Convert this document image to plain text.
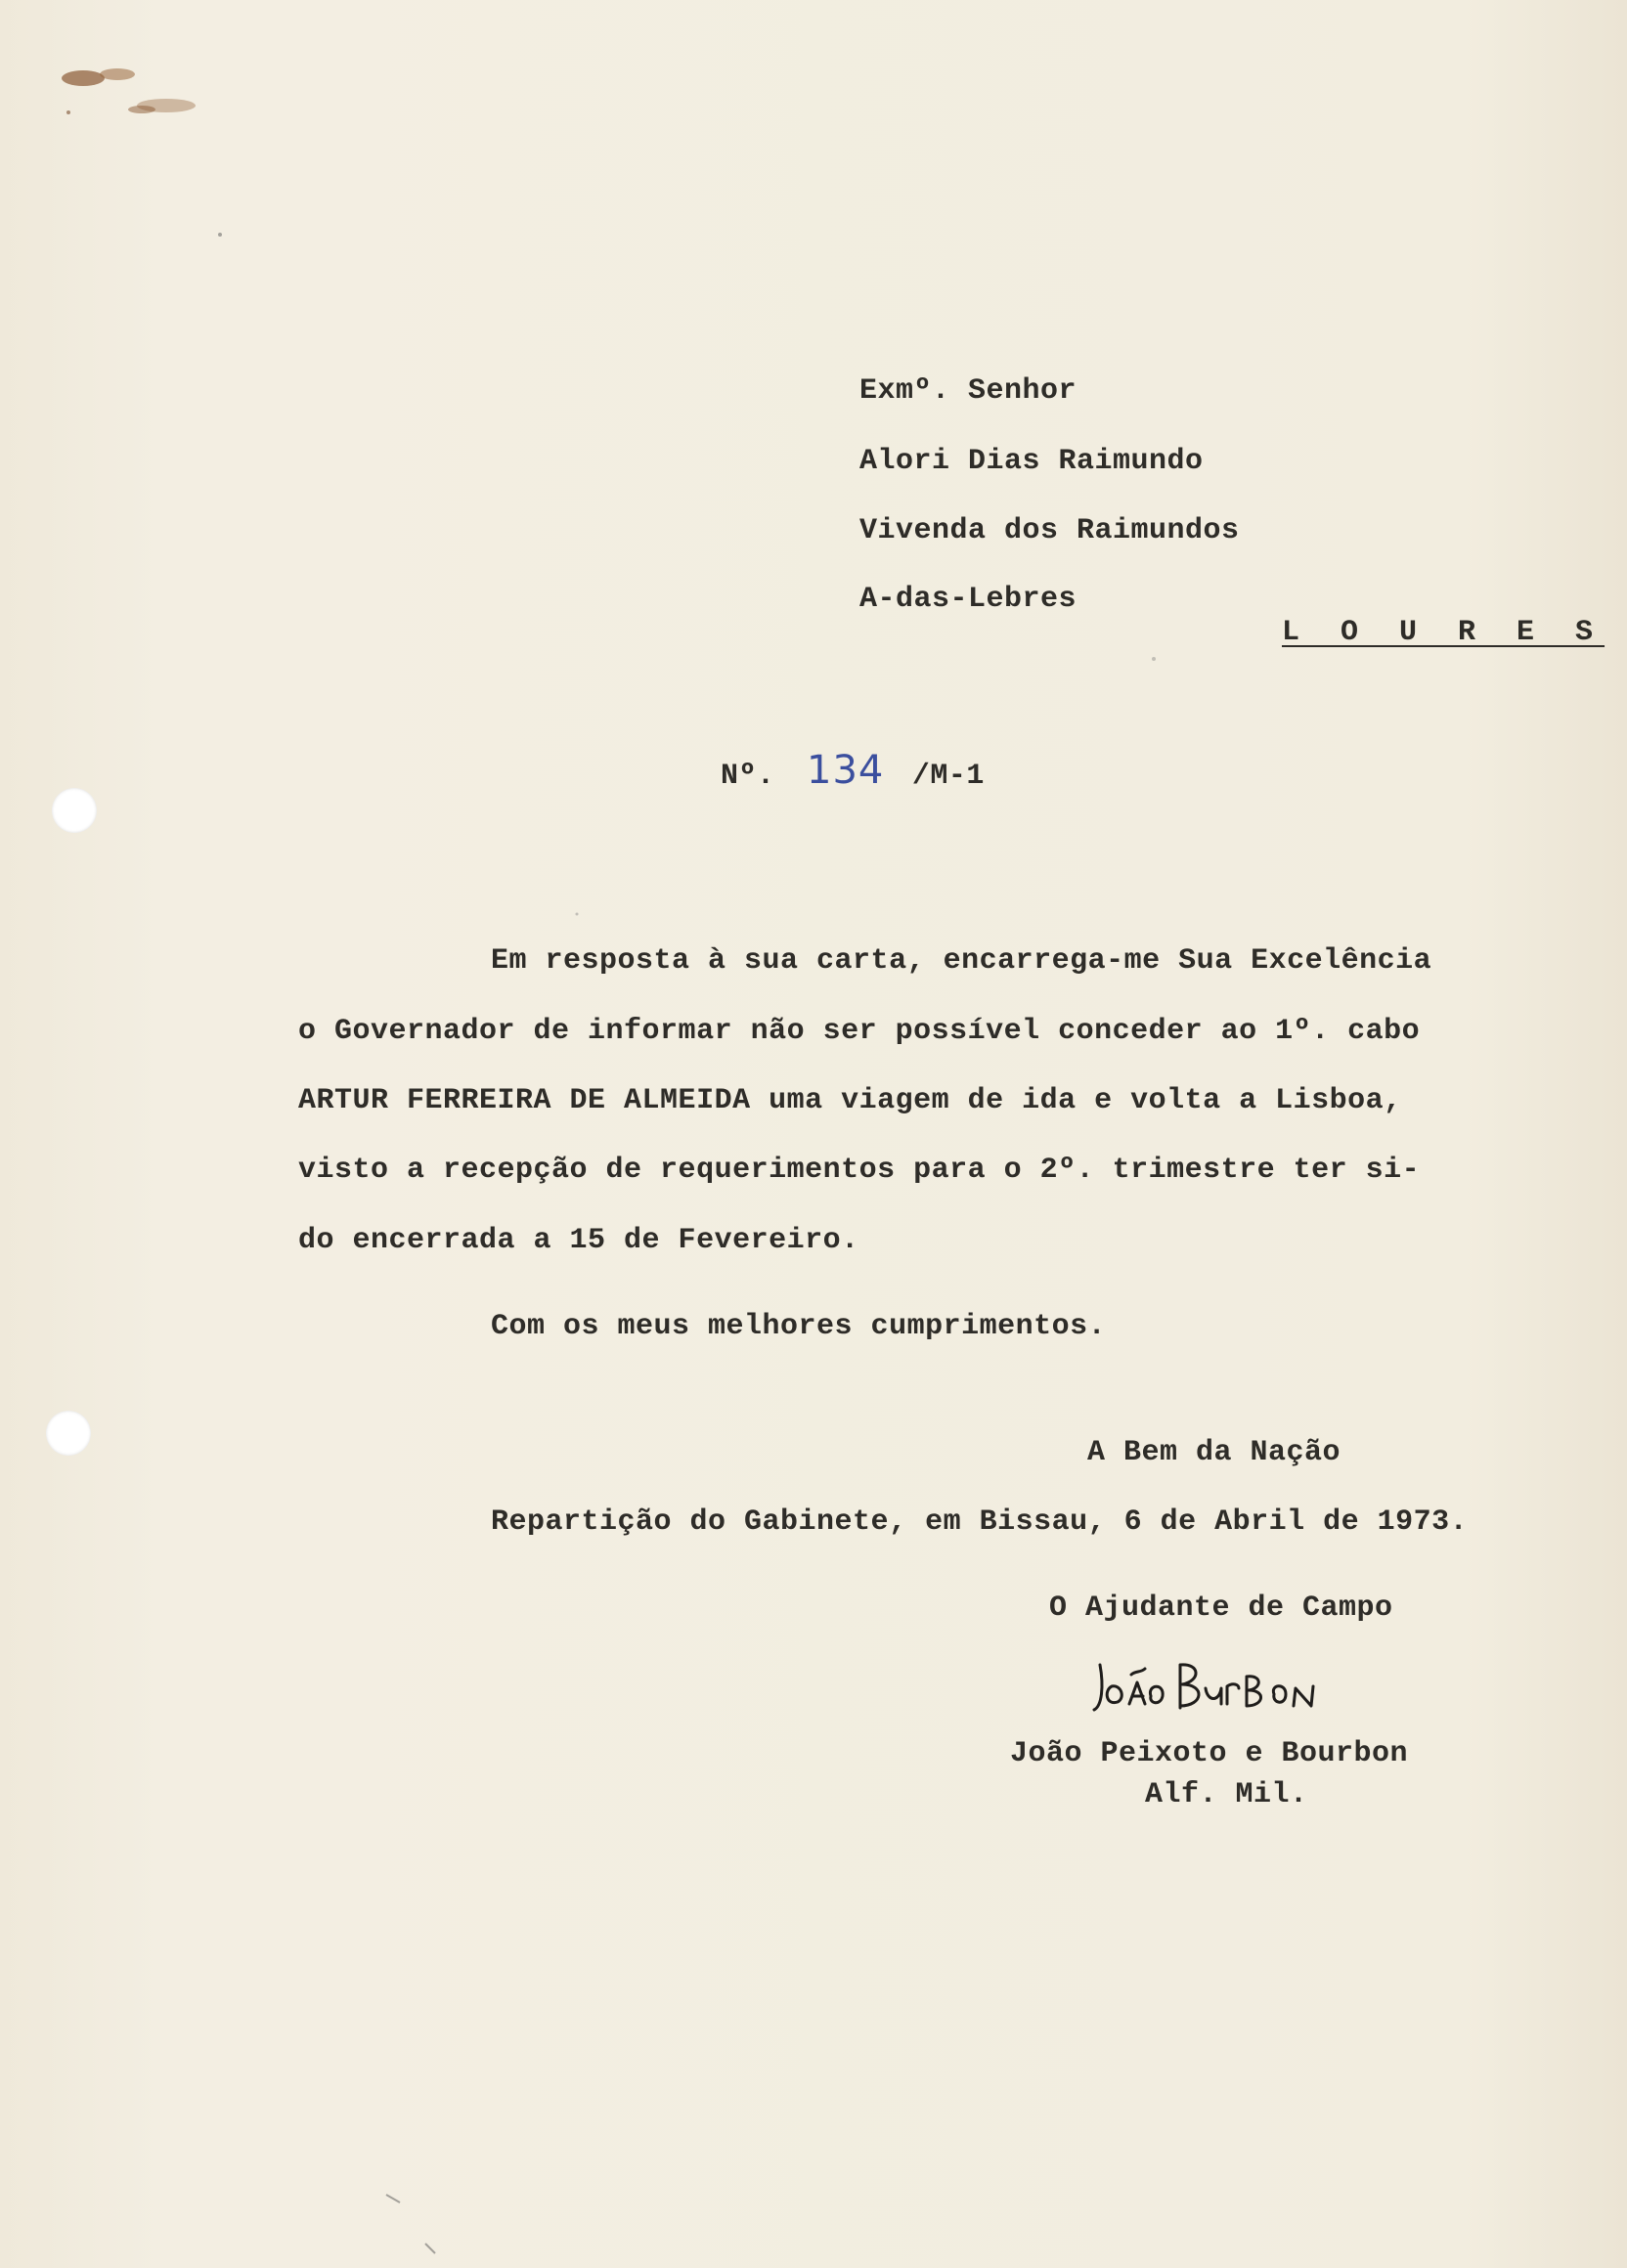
Exmº. Senhor
Alori Dias Raimundo
Vivenda dos Raimundos
A-das-Lebres
L O U R E S
Nº. 134 /M-1
Em resposta à sua carta, encarrega-me Sua Excelência
o Governador de informar não ser possível conceder ao 1º. cabo
ARTUR FERREIRA DE ALMEIDA uma viagem de ida e volta a Lisboa,
visto a recepção de requerimentos para o 2º. trimestre ter si-
do encerrada a 15 de Fevereiro.
Com os meus melhores cumprimentos.
A Bem da Nação
Repartição do Gabinete, em Bissau, 6 de Abril de 1973.
O Ajudante de Campo
João Peixoto e Bourbon
Alf. Mil.
